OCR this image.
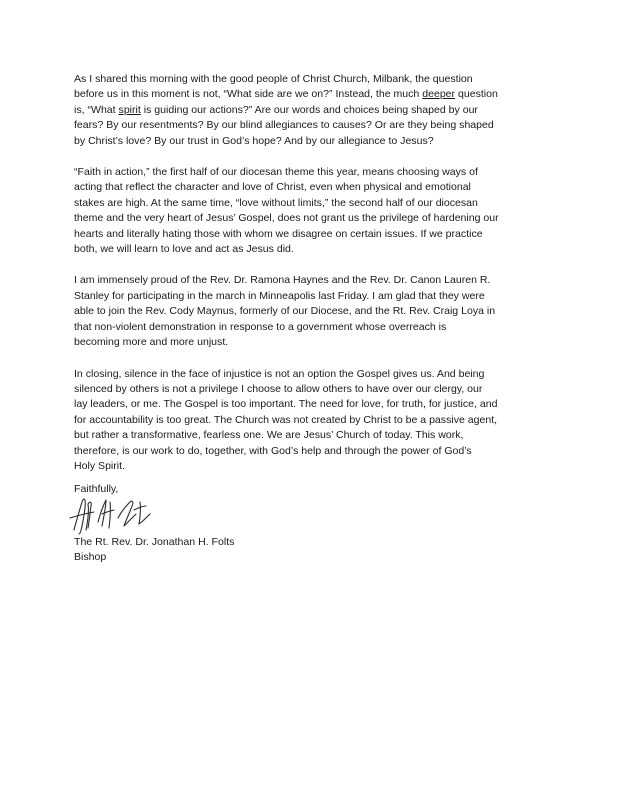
As I shared this morning with the good people of Christ Church, Milbank, the question
before us in this moment is not, “What side are we on?” Instead, the much deeper question
is, “What spirit is guiding our actions?” Are our words and choices being shaped by our
fears? By our resentments? By our blind allegiances to causes? Or are they being shaped
by Christ’s love? By our trust in God’s hope? And by our allegiance to Jesus?

“Faith in action,” the first half of our diocesan theme this year, means choosing ways of
acting that reflect the character and love of Christ, even when physical and emotional
stakes are high. At the same time, “love without limits,” the second half of our diocesan
theme and the very heart of Jesus’ Gospel, does not grant us the privilege of hardening our
hearts and literally hating those with whom we disagree on certain issues. If we practice
both, we will learn to love and act as Jesus did.

I am immensely proud of the Rev. Dr. Ramona Haynes and the Rev. Dr. Canon Lauren R.
Stanley for participating in the march in Minneapolis last Friday. I am glad that they were
able to join the Rev. Cody Maynus, formerly of our Diocese, and the Rt. Rev. Craig Loya in
that non-violent demonstration in response to a government whose overreach is
becoming more and more unjust.

In closing, silence in the face of injustice is not an option the Gospel gives us. And being
silenced by others is not a privilege I choose to allow others to have over our clergy, our
lay leaders, or me. The Gospel is too important. The need for love, for truth, for justice, and
for accountability is too great. The Church was not created by Christ to be a passive agent,
but rather a transformative, fearless one. We are Jesus’ Church of today. This work,
therefore, is our work to do, together, with God’s help and through the power of God’s
Holy Spirit.

Faithfully,
The Rt. Rev. Dr. Jonathan H. Folts
Bishop
